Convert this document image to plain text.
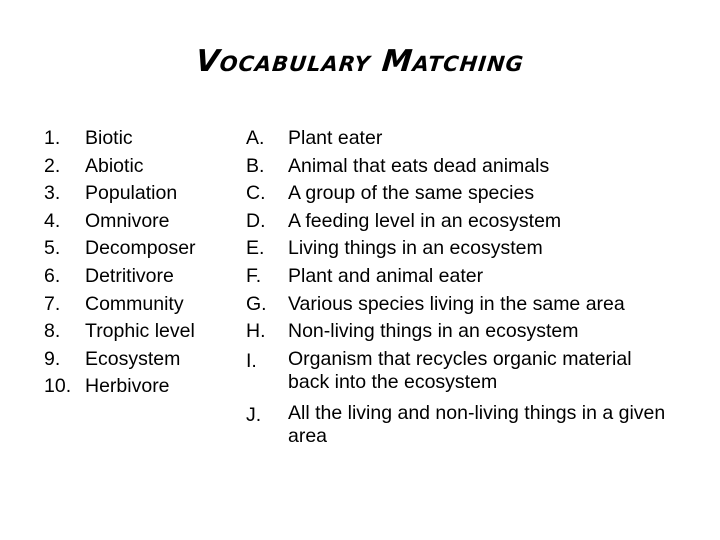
Vocabulary Matching
1. Biotic
2. Abiotic
3. Population
4. Omnivore
5. Decomposer
6. Detritivore
7. Community
8. Trophic level
9. Ecosystem
10. Herbivore
A. Plant eater
B. Animal that eats dead animals
C. A group of the same species
D. A feeding level in an ecosystem
E. Living things in an ecosystem
F. Plant and animal eater
G. Various species living in the same area
H. Non-living things in an ecosystem
I. Organism that recycles organic material back into the ecosystem
J. All the living and non-living things in a given area
